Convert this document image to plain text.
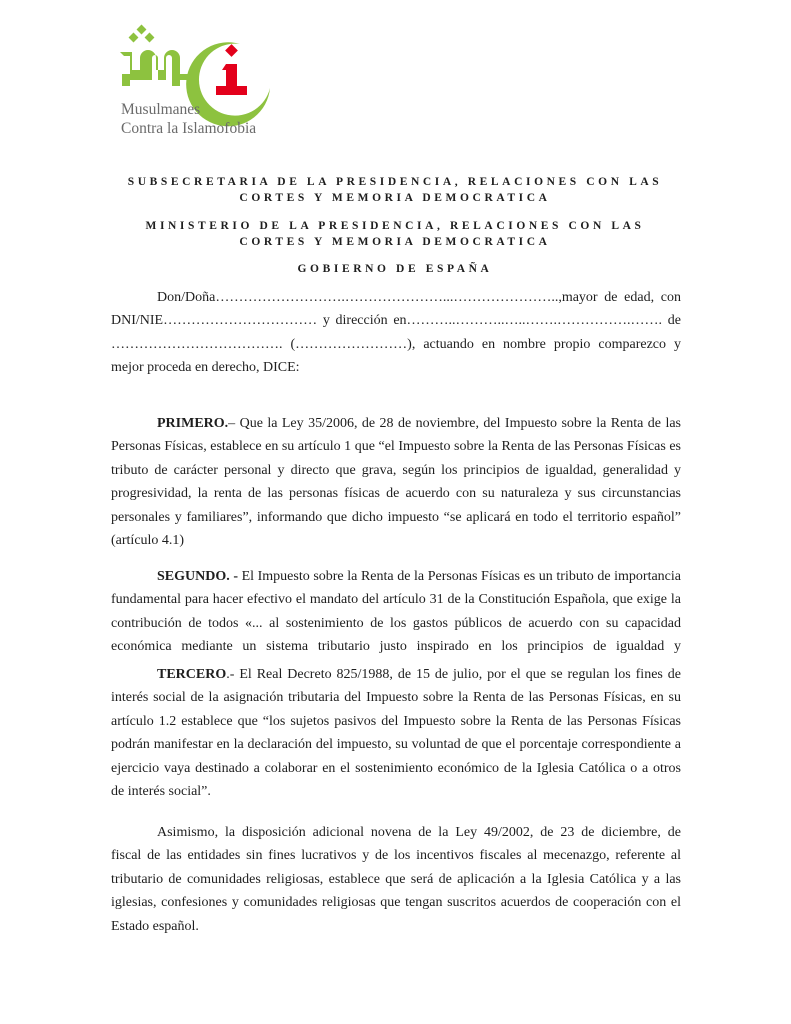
Musulmanes
Contra la Islamofobia
SUBSECRETARIA DE LA PRESIDENCIA, RELACIONES CON LAS
CORTES Y MEMORIA DEMOCRATICA
MINISTERIO DE LA PRESIDENCIA, RELACIONES CON LAS
CORTES Y MEMORIA DEMOCRATICA
GOBIERNO DE ESPAÑA
Don/Doña……………………….…………………...…………………..,mayor de edad, con
DNI/NIE…………………………… y dirección en………..………..…..…….…………….……. de
………………………………. (……………………), actuando en nombre propio comparezco y
mejor proceda en derecho, DICE:
PRIMERO.– Que la Ley 35/2006, de 28 de noviembre, del Impuesto sobre la Renta de las
Personas Físicas, establece en su artículo 1 que “el Impuesto sobre la Renta de las Personas Físicas es
tributo de carácter personal y directo que grava, según los principios de igualdad, generalidad y
progresividad, la renta de las personas físicas de acuerdo con su naturaleza y sus circunstancias
personales y familiares”, informando que dicho impuesto “se aplicará en todo el territorio español”
(artículo 4.1)
SEGUNDO. - El Impuesto sobre la Renta de la Personas Físicas es un tributo de importancia
fundamental para hacer efectivo el mandato del artículo 31 de la Constitución Española, que exige la
contribución de todos «... al sostenimiento de los gastos públicos de acuerdo con su capacidad
económica mediante un sistema tributario justo inspirado en los principios de igualdad y
TERCERO.- El Real Decreto 825/1988, de 15 de julio, por el que se regulan los fines de
interés social de la asignación tributaria del Impuesto sobre la Renta de las Personas Físicas, en su
artículo 1.2 establece que “los sujetos pasivos del Impuesto sobre la Renta de las Personas Físicas
podrán manifestar en la declaración del impuesto, su voluntad de que el porcentaje correspondiente a
ejercicio vaya destinado a colaborar en el sostenimiento económico de la Iglesia Católica o a otros
de interés social”.
Asimismo, la disposición adicional novena de la Ley 49/2002, de 23 de diciembre, de
fiscal de las entidades sin fines lucrativos y de los incentivos fiscales al mecenazgo, referente al
tributario de comunidades religiosas, establece que será de aplicación a la Iglesia Católica y a las
iglesias, confesiones y comunidades religiosas que tengan suscritos acuerdos de cooperación con el
Estado español.
